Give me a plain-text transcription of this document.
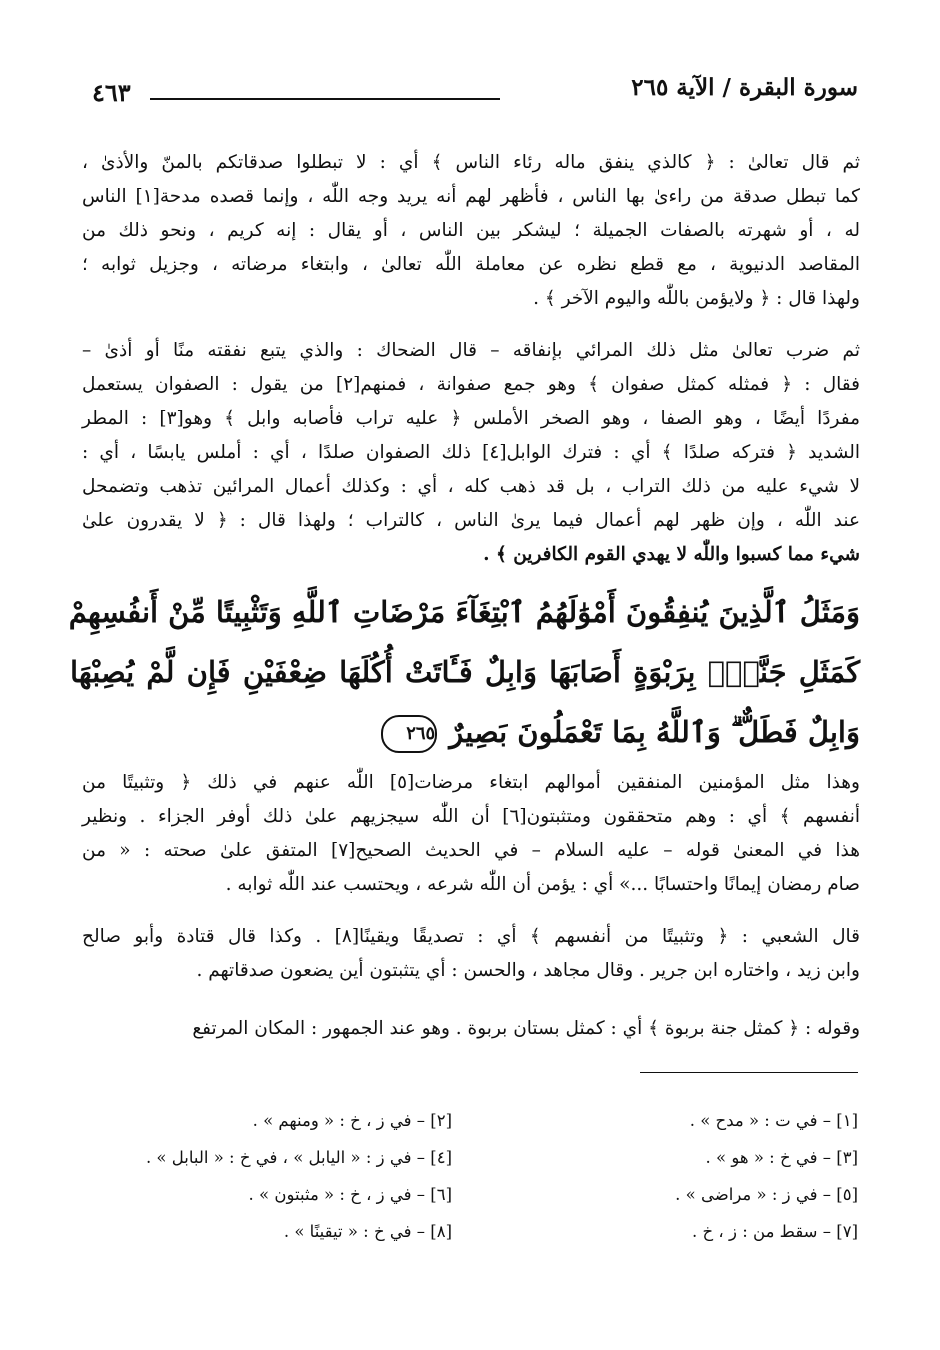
سورة البقرة / الآية ٢٦٥
٤٦٣
ثم قال تعالىٰ : ﴿ كالذي ينفق ماله رئاء الناس ﴾ أي : لا تبطلوا صدقاتكم بالمنّ والأذىٰ ،
كما تبطل صدقة من راءىٰ بها الناس ، فأظهر لهم أنه يريد وجه اللّٰه ، وإنما قصده مدحة[١] الناس
له ، أو شهرته بالصفات الجميلة ؛ ليشكر بين الناس ، أو يقال : إنه كريم ، ونحو ذلك من
المقاصد الدنيوية ، مع قطع نظره عن معاملة اللّٰه تعالىٰ ، وابتغاء مرضاته ، وجزيل ثوابه ؛
ولهذا قال : ﴿ ولايؤمن باللّٰه واليوم الآخر ﴾ .
ثم ضرب تعالىٰ مثل ذلك المرائي بإنفاقه – قال الضحاك : والذي يتبع نفقته منًا أو أذىٰ –
فقال : ﴿ فمثله كمثل صفوان ﴾ وهو جمع صفوانة ، فمنهم[٢] من يقول : الصفوان يستعمل
مفردًا أيضًا ، وهو الصفا ، وهو الصخر الأملس ﴿ عليه تراب فأصابه وابل ﴾ وهو[٣] : المطر
الشديد ﴿ فتركه صلدًا ﴾ أي : فترك الوابل[٤] ذلك الصفوان صلدًا ، أي : أملس يابسًا ، أي :
لا شيء عليه من ذلك التراب ، بل قد ذهب كله ، أي : وكذلك أعمال المرائين تذهب وتضمحل
عند اللّٰه ، وإن ظهر لهم أعمال فيما يرىٰ الناس ، كالتراب ؛ ولهذا قال : ﴿ لا يقدرون علىٰ
شيء مما كسبوا واللّٰه لا يهدي القوم الكافرين ﴾ .
وَمَثَلُ ٱلَّذِينَ يُنفِقُونَ أَمْوَٰلَهُمُ ٱبْتِغَآءَ مَرْضَاتِ ٱللَّهِ وَتَثْبِيتًا مِّنْ أَنفُسِهِمْ
كَمَثَلِ جَنَّةٍۭ بِرَبْوَةٍ أَصَابَهَا وَابِلٌ فَـَٔاتَتْ أُكُلَهَا ضِعْفَيْنِ فَإِن لَّمْ يُصِبْهَا
وَابِلٌ فَطَلٌّ ۗ وَٱللَّهُ بِمَا تَعْمَلُونَ بَصِيرٌ٢٦٥
وهذا مثل المؤمنين المنفقين أموالهم ابتغاء مرضات[٥] اللّٰه عنهم في ذلك ﴿ وتثبيتًا من
أنفسهم ﴾ أي : وهم متحققون ومتثبتون[٦] أن اللّٰه سيجزيهم علىٰ ذلك أوفر الجزاء . ونظير
هذا في المعنىٰ قوله – عليه السلام – في الحديث الصحيح[٧] المتفق علىٰ صحته : « من
صام رمضان إيمانًا واحتسابًا ...» أي : يؤمن أن اللّٰه شرعه ، ويحتسب عند اللّٰه ثوابه .
قال الشعبي : ﴿ وتثبيتًا من أنفسهم ﴾ أي : تصديقًا ويقينًا[٨] . وكذا قال قتادة وأبو صالح
وابن زيد ، واختاره ابن جرير . وقال مجاهد ، والحسن : أي يتثبتون أين يضعون صدقاتهم .
وقوله : ﴿ كمثل جنة بربوة ﴾ أي : كمثل بستان بربوة . وهو عند الجمهور : المكان المرتفع
[١] – في ت : « مدح » .
[٣] – في خ : « هو » .
[٥] – في ز : « مراضى » .
[٧] – سقط من : ز ، خ .
[٢] – في ز ، خ : « ومنهم » .
[٤] – في ز : « اليابل » ، في خ : « البابل » .
[٦] – في ز ، خ : « مثبتون » .
[٨] – في خ : « تيقينًا » .
